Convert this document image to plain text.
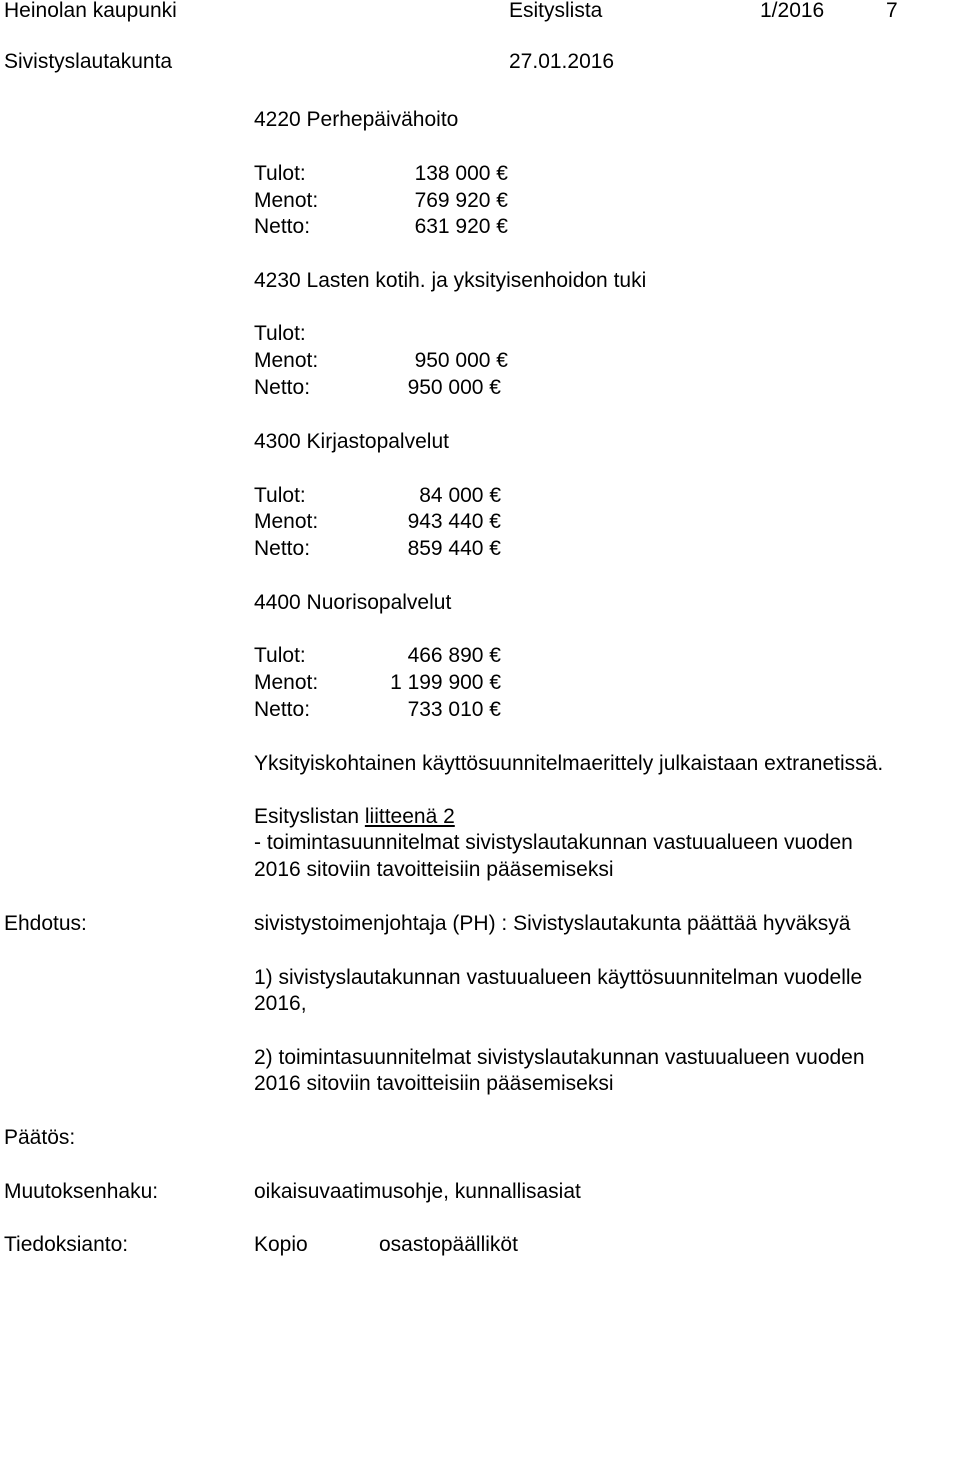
Heinolan kaupunki	Esityslista	1/2016	7
Sivistyslautakunta	27.01.2016
4220 Perhepäivähoito
Tulot:	138 000 €
Menot:	769 920 €
Netto:	631 920 €
4230 Lasten kotih. ja yksityisenhoidon tuki
Tulot:
Menot:	950 000 €
Netto:	950 000 €
4300 Kirjastopalvelut
Tulot:	84 000 €
Menot:	943 440 €
Netto:	859 440 €
4400 Nuorisopalvelut
Tulot:	466 890 €
Menot:	1 199 900 €
Netto:	733 010 €
Yksityiskohtainen käyttösuunnitelmaerittely julkaistaan extranetissä.
Esityslistan liitteenä 2
- toimintasuunnitelmat sivistyslautakunnan vastuualueen vuoden
2016 sitoviin tavoitteisiin pääsemiseksi
Ehdotus:	sivistystoimenjohtaja (PH) : Sivistyslautakunta päättää hyväksyä
1) sivistyslautakunnan vastuualueen käyttösuunnitelman vuodelle
2016,
2) toimintasuunnitelmat sivistyslautakunnan vastuualueen vuoden
2016 sitoviin tavoitteisiin pääsemiseksi
Päätös:
Muutoksenhaku:	oikaisuvaatimusohje, kunnallisasiat
Tiedoksianto:	Kopio	osastopäälliköt
